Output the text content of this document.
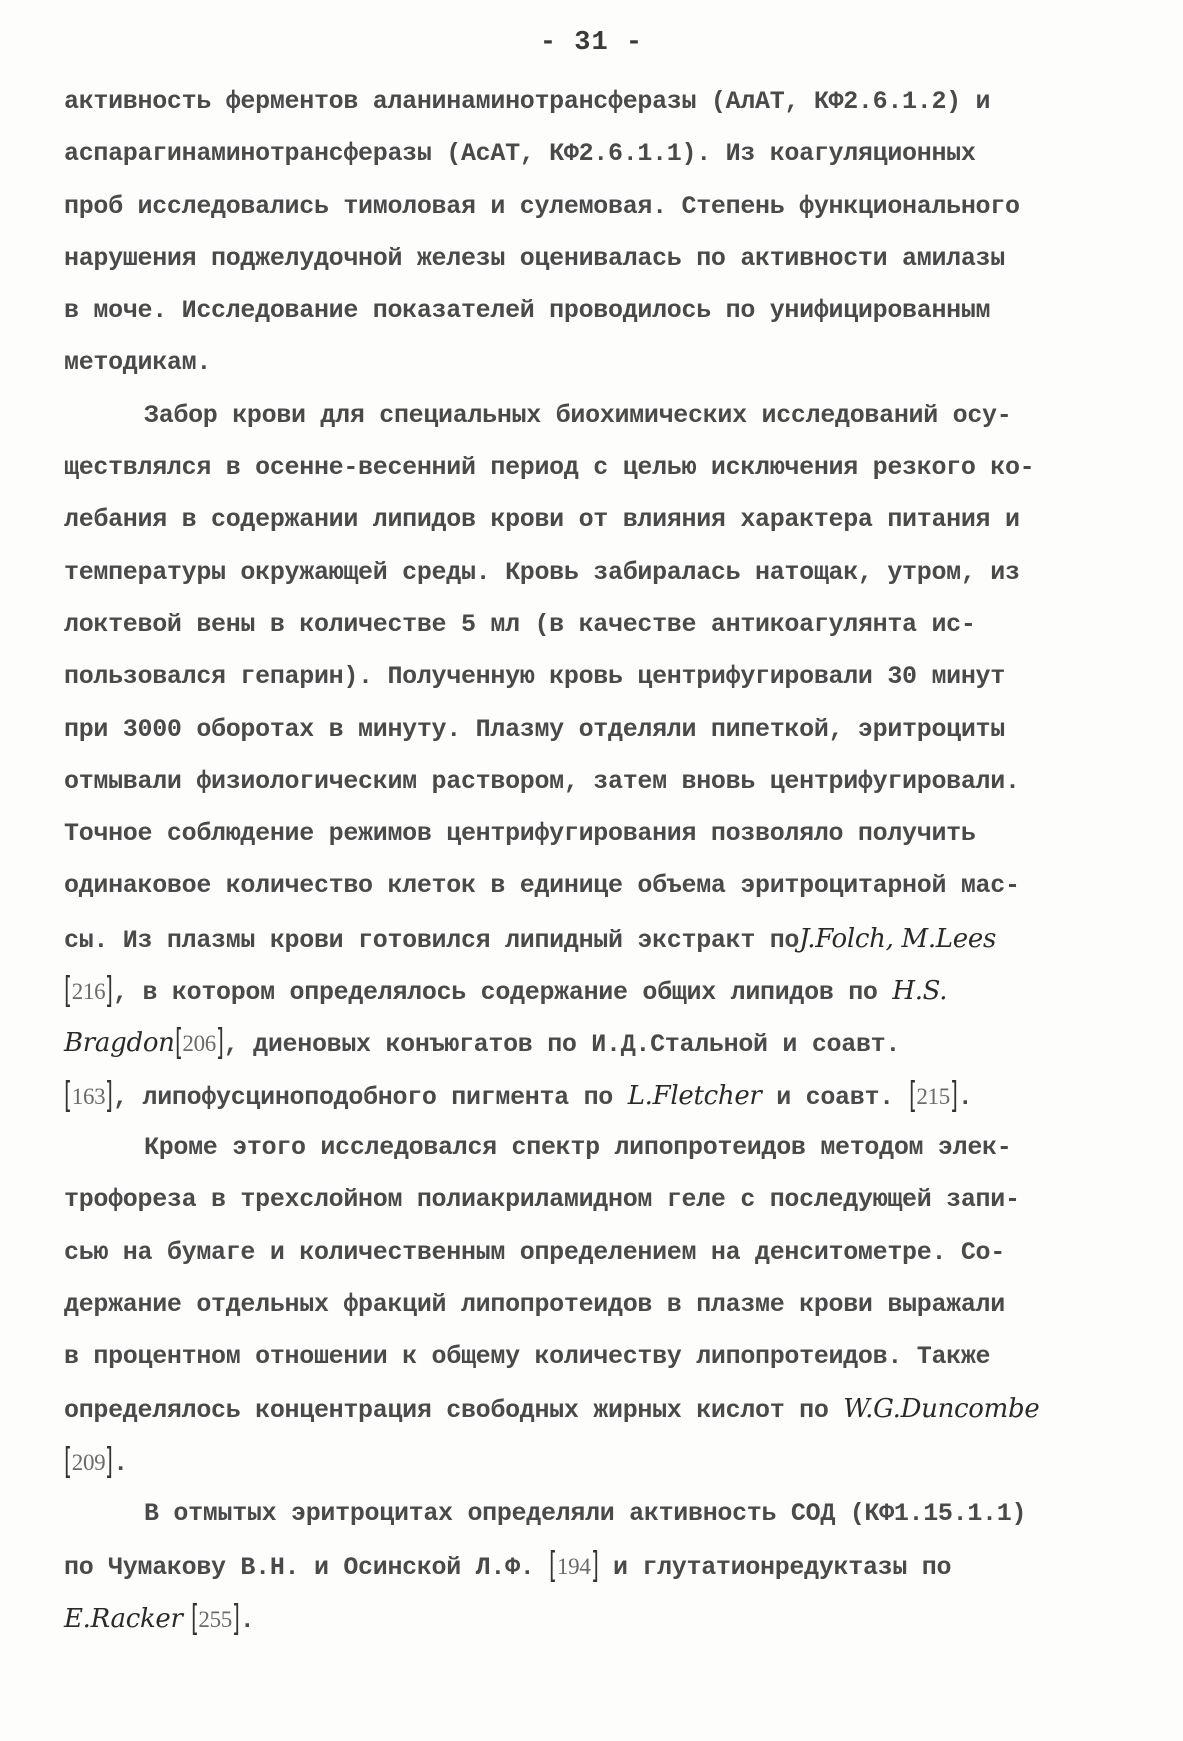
- 31 -
активность ферментов аланинаминотрансферазы (АлАТ, КФ2.6.1.2) и
аспарагинаминотрансферазы (АсАТ, КФ2.6.1.1). Из коагуляционных
проб исследовались тимоловая и сулемовая. Степень функционального
нарушения поджелудочной железы оценивалась по активности амилазы
в моче. Исследование показателей проводилось по унифицированным
методикам.
Забор крови для специальных биохимических исследований осу-
ществлялся в осенне-весенний период с целью исключения резкого ко-
лебания в содержании липидов крови от влияния характера питания и
температуры окружающей среды. Кровь забиралась натощак, утром, из
локтевой вены в количестве 5 мл (в качестве антикоагулянта ис-
пользовался гепарин). Полученную кровь центрифугировали 30 минут
при 3000 оборотах в минуту. Плазму отделяли пипеткой, эритроциты
отмывали физиологическим раствором, затем вновь центрифугировали.
Точное соблюдение режимов центрифугирования позволяло получить
одинаковое количество клеток в единице объема эритроцитарной мас-
сы. Из плазмы крови готовился липидный экстракт поJ.Folch, M.Lees
[216], в котором определялось содержание общих липидов по H.S.
Bragdon[206], диеновых конъюгатов по И.Д.Стальной и соавт.
[163], липофусциноподобного пигмента по L.Fletcher и соавт. [215].
Кроме этого исследовался спектр липопротеидов методом элек-
трофореза в трехслойном полиакриламидном геле с последующей запи-
сью на бумаге и количественным определением на денситометре. Со-
держание отдельных фракций липопротеидов в плазме крови выражали
в процентном отношении к общему количеству липопротеидов. Также
определялось концентрация свободных жирных кислот по W.G.Duncombe
[209].
В отмытых эритроцитах определяли активность СОД (КФ1.15.1.1)
по Чумакову В.Н. и Осинской Л.Ф. [194] и глутатионредуктазы по
E.Racker [255].
